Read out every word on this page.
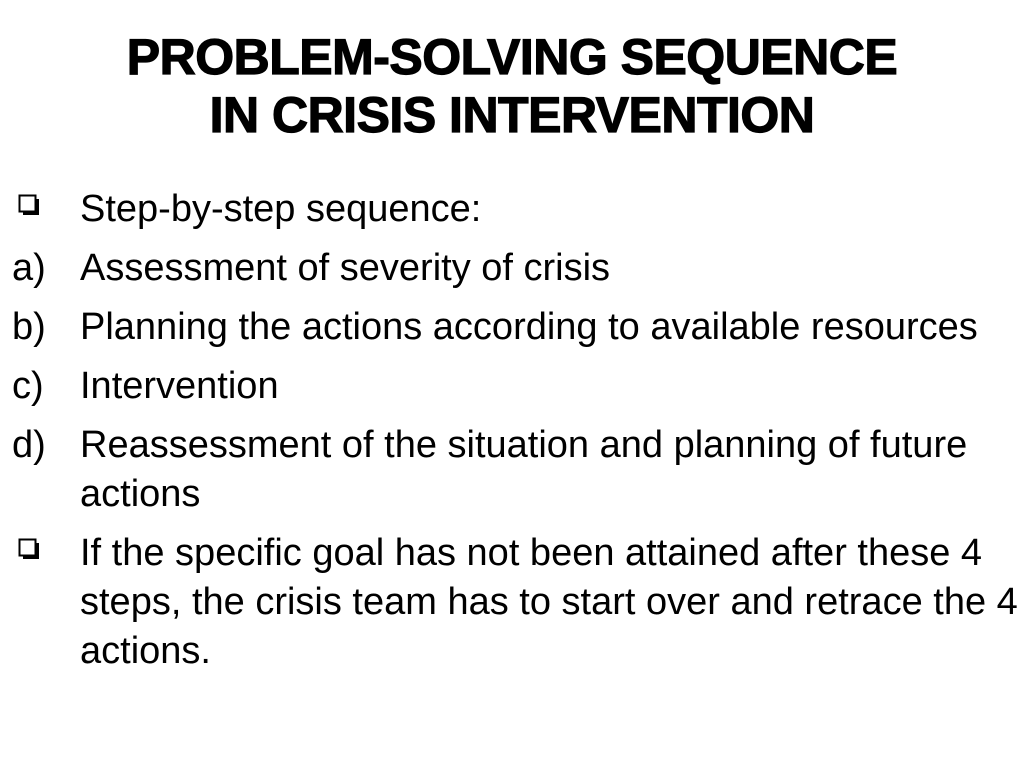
PROBLEM-SOLVING SEQUENCE
IN CRISIS INTERVENTION
Step-by-step sequence:
a) Assessment of severity of crisis
b) Planning the actions according to available resources
c) Intervention
d) Reassessment of the situation and planning of future actions
If the specific goal has not been attained after these 4 steps, the crisis team has to start over and retrace the 4 actions.
